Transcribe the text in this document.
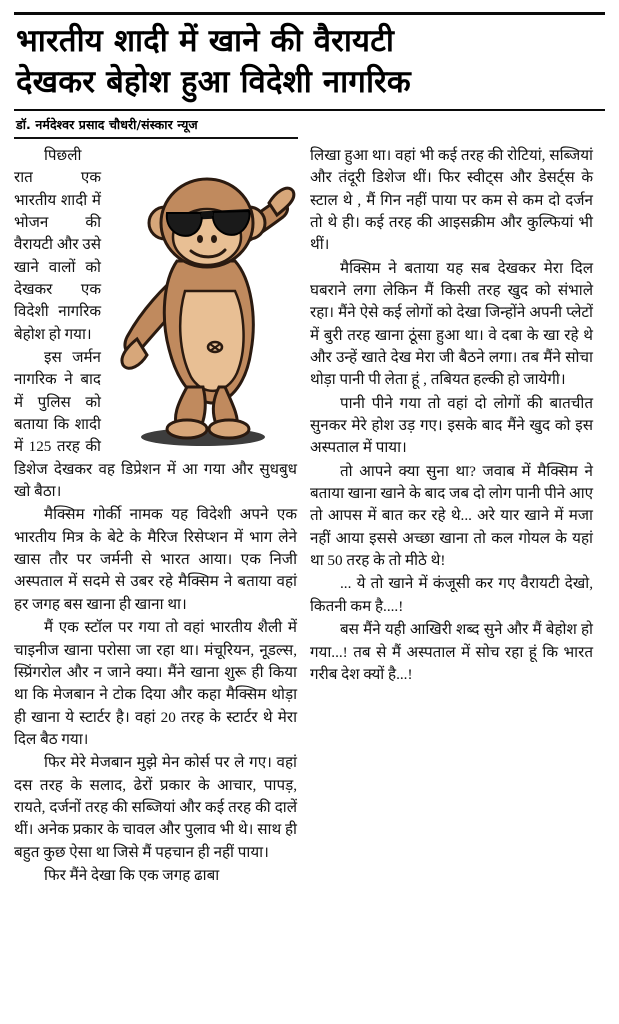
भारतीय शादी में खाने की वैरायटी
देखकर बेहोश हुआ विदेशी नागरिक
डॉ. नर्मदेश्वर प्रसाद चौधरी/संस्कार न्यूज

पिछली रात एक भारतीय शादी में भोजन की वैरायटी और उसे खाने वालों को देखकर एक विदेशी नागरिक बेहोश हो गया।

इस जर्मन नागरिक ने बाद में पुलिस को बताया कि शादी में 125 तरह की डिशेज देखकर वह डिप्रेशन में आ गया और सुधबुध खो बैठा।

मैक्सिम गोर्की नामक यह विदेशी अपने एक भारतीय मित्र के बेटे के मैरिज रिसेप्शन में भाग लेने खास तौर पर जर्मनी से भारत आया। एक निजी अस्पताल में सदमे से उबर रहे मैक्सिम ने बताया वहां हर जगह बस खाना ही खाना था।

मैं एक स्टॉल पर गया तो वहां भारतीय शैली में चाइनीज खाना परोसा जा रहा था। मंचूरियन, नूडल्स, स्प्रिंगरोल और न जाने क्या। मैंने खाना शुरू ही किया था कि मेजबान ने टोक दिया और कहा मैक्सिम थोड़ा ही खाना ये स्टार्टर है। वहां 20 तरह के स्टार्टर थे मेरा दिल बैठ गया।

फिर मेरे मेजबान मुझे मेन कोर्स पर ले गए। वहां दस तरह के सलाद, ढेरों प्रकार के आचार, पापड़, रायते, दर्जनों तरह की सब्जियां और कई तरह की दालें थीं। अनेक प्रकार के चावल और पुलाव भी थे। साथ ही बहुत कुछ ऐसा था जिसे मैं पहचान ही नहीं पाया।

फिर मैंने देखा कि एक जगह ढाबा

लिखा हुआ था। वहां भी कई तरह की रोटियां, सब्जियां और तंदूरी डिशेज थीं। फिर स्वीट्स और डेसर्ट्स के स्टाल थे , मैं गिन नहीं पाया पर कम से कम दो दर्जन तो थे ही। कई तरह की आइसक्रीम और कुल्फियां भी थीं।

मैक्सिम ने बताया यह सब देखकर मेरा दिल घबराने लगा लेकिन मैं किसी तरह खुद को संभाले रहा। मैंने ऐसे कई लोगों को देखा जिन्होंने अपनी प्लेटों में बुरी तरह खाना ठूंसा हुआ था। वे दबा के खा रहे थे और उन्हें खाते देख मेरा जी बैठने लगा। तब मैंने सोचा थोड़ा पानी पी लेता हूं , तबियत हल्की हो जायेगी।

पानी पीने गया तो वहां दो लोगों की बातचीत सुनकर मेरे होश उड़ गए। इसके बाद मैंने खुद को इस अस्पताल में पाया।

तो आपने क्या सुना था? जवाब में मैक्सिम ने बताया खाना खाने के बाद जब दो लोग पानी पीने आए तो आपस में बात कर रहे थे... अरे यार खाने में मजा नहीं आया इससे अच्छा खाना तो कल गोयल के यहां था 50 तरह के तो मीठे थे!

... ये तो खाने में कंजूसी कर गए वैरायटी देखो, कितनी कम है....!

बस मैंने यही आखिरी शब्द सुने और मैं बेहोश हो गया...! तब से मैं अस्पताल में सोच रहा हूं कि भारत गरीब देश क्यों है...!
